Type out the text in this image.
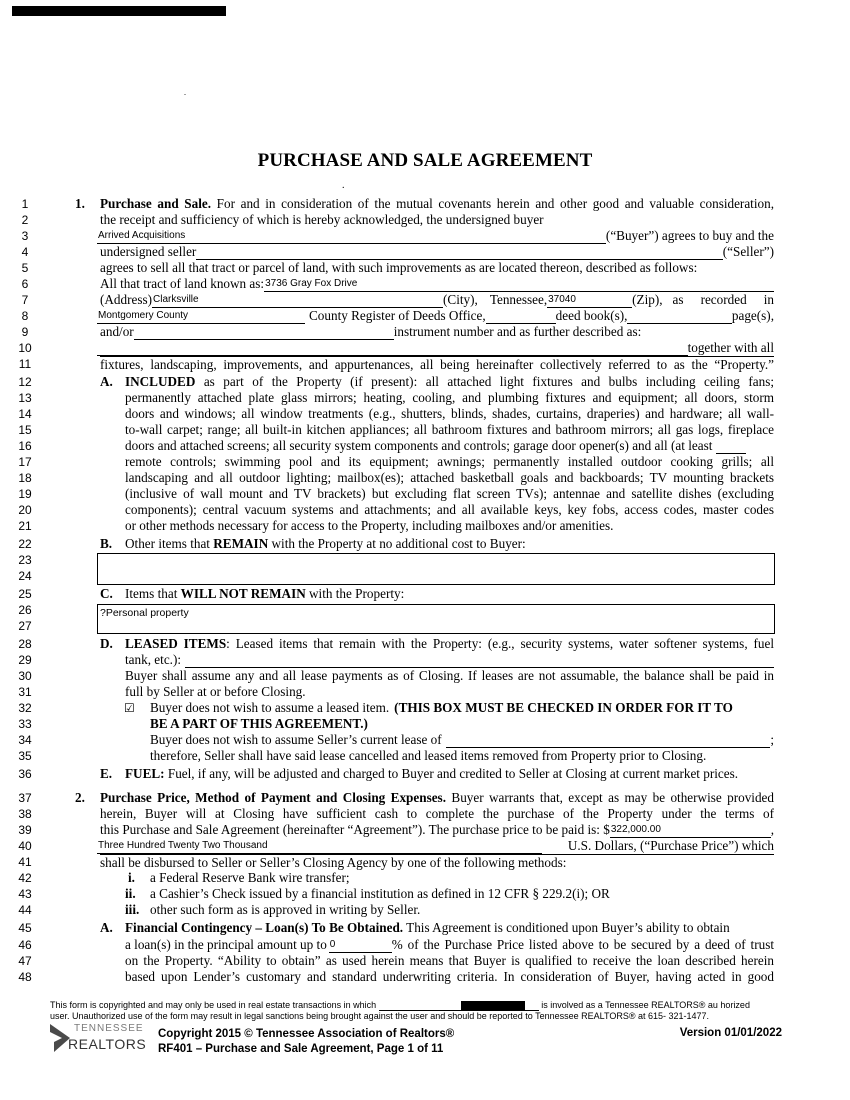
.
PURCHASE AND SALE AGREEMENT
.
1	1. Purchase and Sale. For and in consideration of the mutual covenants herein and other good and valuable consideration,
2	the receipt and sufficiency of which is hereby acknowledged, the undersigned buyer
3	Arrived Acquisitions	(“Buyer”) agrees to buy and the
4	undersigned seller	(“Seller”)
5	agrees to sell all that tract or parcel of land, with such improvements as are located thereon, described as follows:
6	All that tract of land known as: 3736 Gray Fox Drive
7	(Address) Clarksville	(City), Tennessee, 37040	(Zip), as recorded in
8	Montgomery County	County Register of Deeds Office,	deed book(s),	page(s),
9	and/or	instrument number and as further described as:
10	together with all
11	fixtures, landscaping, improvements, and appurtenances, all being hereinafter collectively referred to as the “Property.”
12	A. INCLUDED as part of the Property (if present): all attached light fixtures and bulbs including ceiling fans;
13	permanently attached plate glass mirrors; heating, cooling, and plumbing fixtures and equipment; all doors, storm
14	doors and windows; all window treatments (e.g., shutters, blinds, shades, curtains, draperies) and hardware; all wall-
15	to-wall carpet; range; all built-in kitchen appliances; all bathroom fixtures and bathroom mirrors; all gas logs, fireplace
16	doors and attached screens; all security system components and controls; garage door opener(s) and all (at least
17	remote controls; swimming pool and its equipment; awnings; permanently installed outdoor cooking grills; all
18	landscaping and all outdoor lighting; mailbox(es); attached basketball goals and backboards; TV mounting brackets
19	(inclusive of wall mount and TV brackets) but excluding flat screen TVs); antennae and satellite dishes (excluding
20	components); central vacuum systems and attachments; and all available keys, key fobs, access codes, master codes
21	or other methods necessary for access to the Property, including mailboxes and/or amenities.
22	B. Other items that REMAIN with the Property at no additional cost to Buyer:
23
24
25	C. Items that WILL NOT REMAIN with the Property:
26
27
?Personal property
28	D. LEASED ITEMS: Leased items that remain with the Property: (e.g., security systems, water softener systems, fuel
29	tank, etc.):
30	Buyer shall assume any and all lease payments as of Closing. If leases are not assumable, the balance shall be paid in
31	full by Seller at or before Closing.
32	☑ Buyer does not wish to assume a leased item. (THIS BOX MUST BE CHECKED IN ORDER FOR IT TO
33	BE A PART OF THIS AGREEMENT.)
34	Buyer does not wish to assume Seller’s current lease of	;
35	therefore, Seller shall have said lease cancelled and leased items removed from Property prior to Closing.
36	E. FUEL: Fuel, if any, will be adjusted and charged to Buyer and credited to Seller at Closing at current market prices.
37	2. Purchase Price, Method of Payment and Closing Expenses. Buyer warrants that, except as may be otherwise provided
38	herein, Buyer will at Closing have sufficient cash to complete the purchase of the Property under the terms of
39	this Purchase and Sale Agreement (hereinafter “Agreement”). The purchase price to be paid is: $ 322,000.00	,
40	Three Hundred Twenty Two Thousand	U.S. Dollars, (“Purchase Price”) which
41	shall be disbursed to Seller or Seller’s Closing Agency by one of the following methods:
42	i. a Federal Reserve Bank wire transfer;
43	ii. a Cashier’s Check issued by a financial institution as defined in 12 CFR § 229.2(i); OR
44	iii. other such form as is approved in writing by Seller.
45	A. Financial Contingency – Loan(s) To Be Obtained. This Agreement is conditioned upon Buyer’s ability to obtain
46	a loan(s) in the principal amount up to 0	% of the Purchase Price listed above to be secured by a deed of trust
47	on the Property. “Ability to obtain” as used herein means that Buyer is qualified to receive the loan described herein
48	based upon Lender’s customary and standard underwriting criteria. In consideration of Buyer, having acted in good
This form is copyrighted and may only be used in real estate transactions in which	is involved as a Tennessee REALTORS® au horized
user. Unauthorized use of the form may result in legal sanctions being brought against the user and should be reported to Tennessee REALTORS® at 615- 321-1477.
TENNESSEE
REALTORS
Copyright 2015 © Tennessee Association of Realtors®
RF401 – Purchase and Sale Agreement, Page 1 of 11
Version 01/01/2022
